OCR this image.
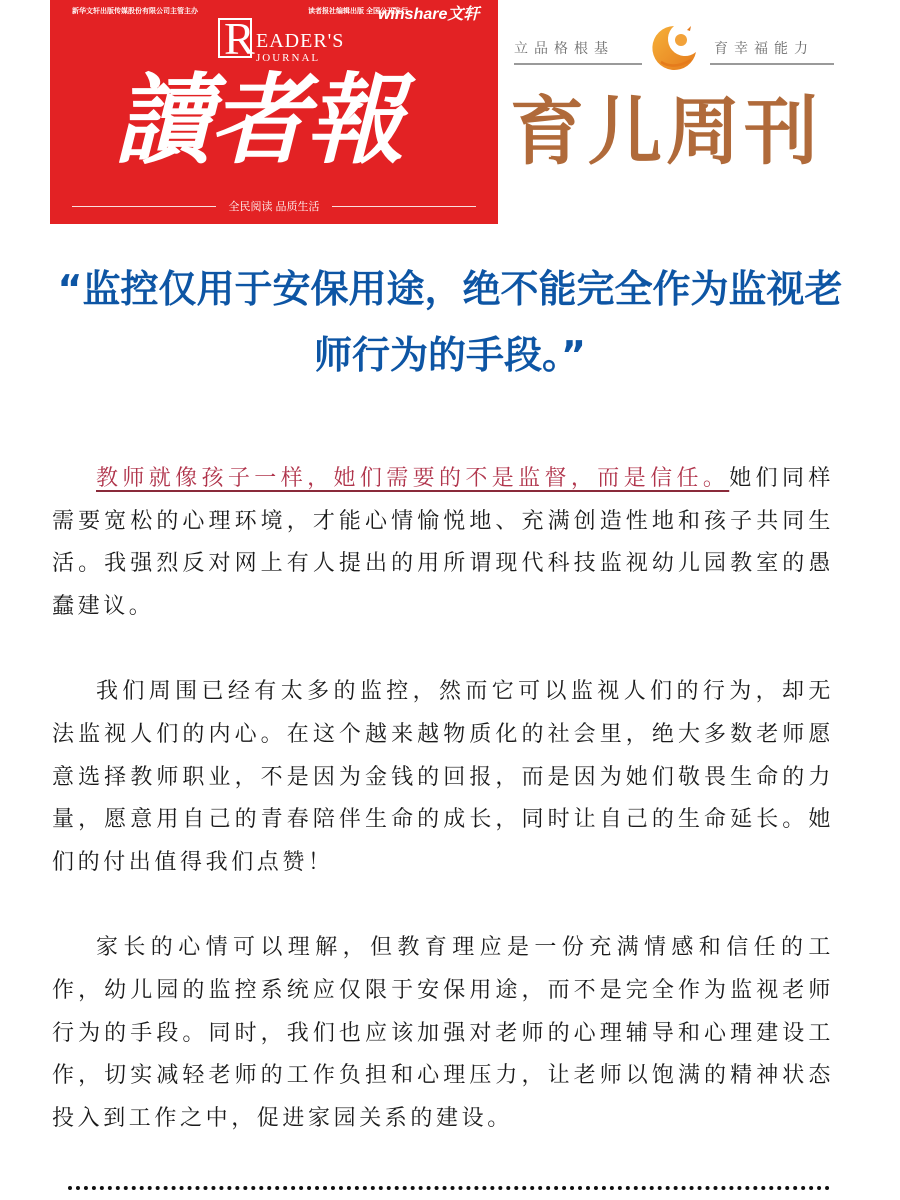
新华文轩出版传媒股份有限公司主管主办	读者报社编辑出版 全国公开发行
winshare文轩
R EADER'S
JOURNAL
讀者報
全民阅读 品质生活
立品格根基	育幸福能力
育儿周刊
“监控仅用于安保用途，绝不能完全作为监视老师行为的手段。”

教师就像孩子一样，她们需要的不是监督，而是信任。她们同样需要宽松的心理环境，才能心情愉悦地、充满创造性地和孩子共同生活。我强烈反对网上有人提出的用所谓现代科技监视幼儿园教室的愚蠢建议。

我们周围已经有太多的监控，然而它可以监视人们的行为，却无法监视人们的内心。在这个越来越物质化的社会里，绝大多数老师愿意选择教师职业，不是因为金钱的回报，而是因为她们敬畏生命的力量，愿意用自己的青春陪伴生命的成长，同时让自己的生命延长。她们的付出值得我们点赞！

家长的心情可以理解，但教育理应是一份充满情感和信任的工作，幼儿园的监控系统应仅限于安保用途，而不是完全作为监视老师行为的手段。同时，我们也应该加强对老师的心理辅导和心理建设工作，切实减轻老师的工作负担和心理压力，让老师以饱满的精神状态投入到工作之中，促进家园关系的建设。
